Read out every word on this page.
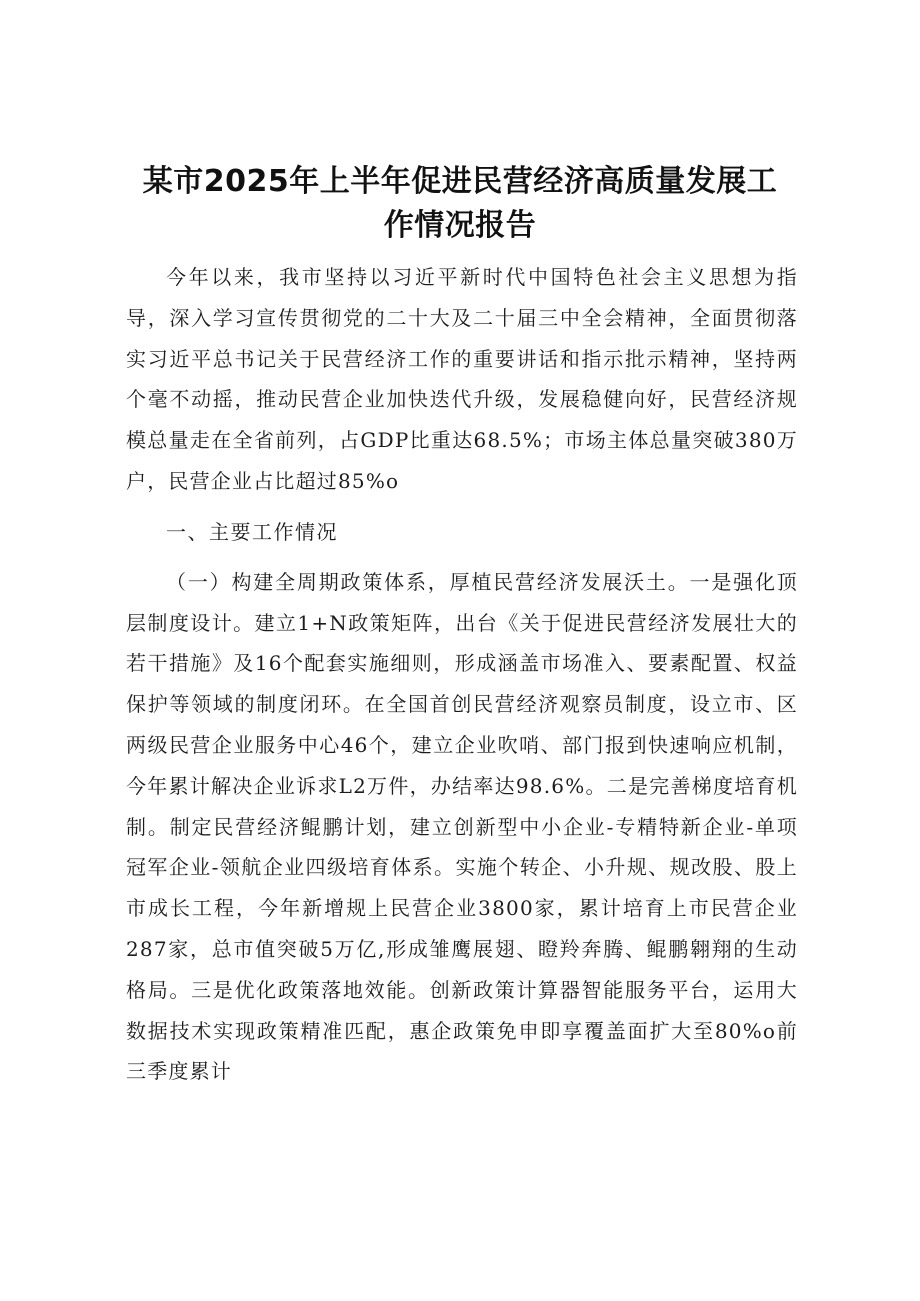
某市2025年上半年促进民营经济高质量发展工
作情况报告

今年以来，我市坚持以习近平新时代中国特色社会主义思想为指导，深入学习宣传贯彻党的二十大及二十届三中全会精神，全面贯彻落实习近平总书记关于民营经济工作的重要讲话和指示批示精神，坚持两个毫不动摇，推动民营企业加快迭代升级，发展稳健向好，民营经济规模总量走在全省前列，占GDP比重达68.5%；市场主体总量突破380万户，民营企业占比超过85%o

一、主要工作情况

（一）构建全周期政策体系，厚植民营经济发展沃土。一是强化顶层制度设计。建立1+N政策矩阵，出台《关于促进民营经济发展壮大的若干措施》及16个配套实施细则，形成涵盖市场准入、要素配置、权益保护等领域的制度闭环。在全国首创民营经济观察员制度，设立市、区两级民营企业服务中心46个，建立企业吹哨、部门报到快速响应机制，今年累计解决企业诉求L2万件，办结率达98.6%。二是完善梯度培育机制。制定民营经济鲲鹏计划，建立创新型中小企业-专精特新企业-单项冠军企业-领航企业四级培育体系。实施个转企、小升规、规改股、股上市成长工程，今年新增规上民营企业3800家，累计培育上市民营企业287家，总市值突破5万亿,形成雏鹰展翅、瞪羚奔腾、鲲鹏翱翔的生动格局。三是优化政策落地效能。创新政策计算器智能服务平台，运用大数据技术实现政策精准匹配，惠企政策免申即享覆盖面扩大至80%o前三季度累计
